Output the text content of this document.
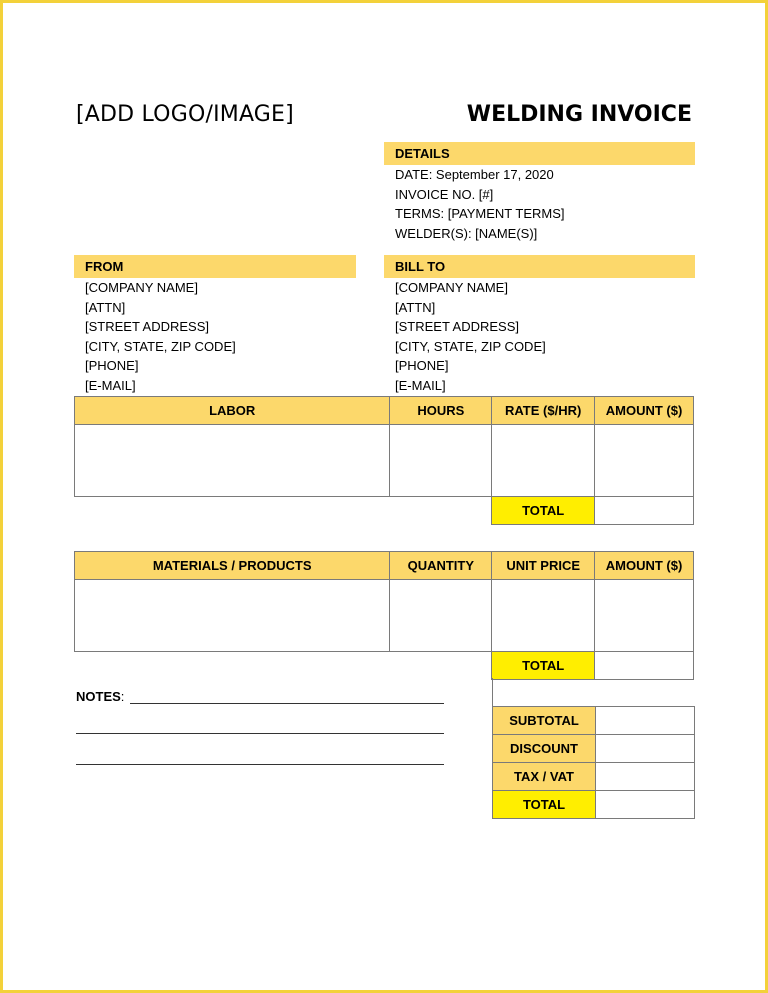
[ADD LOGO/IMAGE]	WELDING INVOICE
DETAILS
DATE: September 17, 2020
INVOICE NO. [#]
TERMS: [PAYMENT TERMS]
WELDER(S): [NAME(S)]
FROM
[COMPANY NAME]
[ATTN]
[STREET ADDRESS]
[CITY, STATE, ZIP CODE]
[PHONE]
[E-MAIL]
BILL TO
[COMPANY NAME]
[ATTN]
[STREET ADDRESS]
[CITY, STATE, ZIP CODE]
[PHONE]
[E-MAIL]
LABOR	HOURS	RATE ($/HR)	AMOUNT ($)

		TOTAL	
MATERIALS / PRODUCTS	QUANTITY	UNIT PRICE	AMOUNT ($)

		TOTAL	
NOTES:
SUBTOTAL	
DISCOUNT	
TAX / VAT	
TOTAL	
